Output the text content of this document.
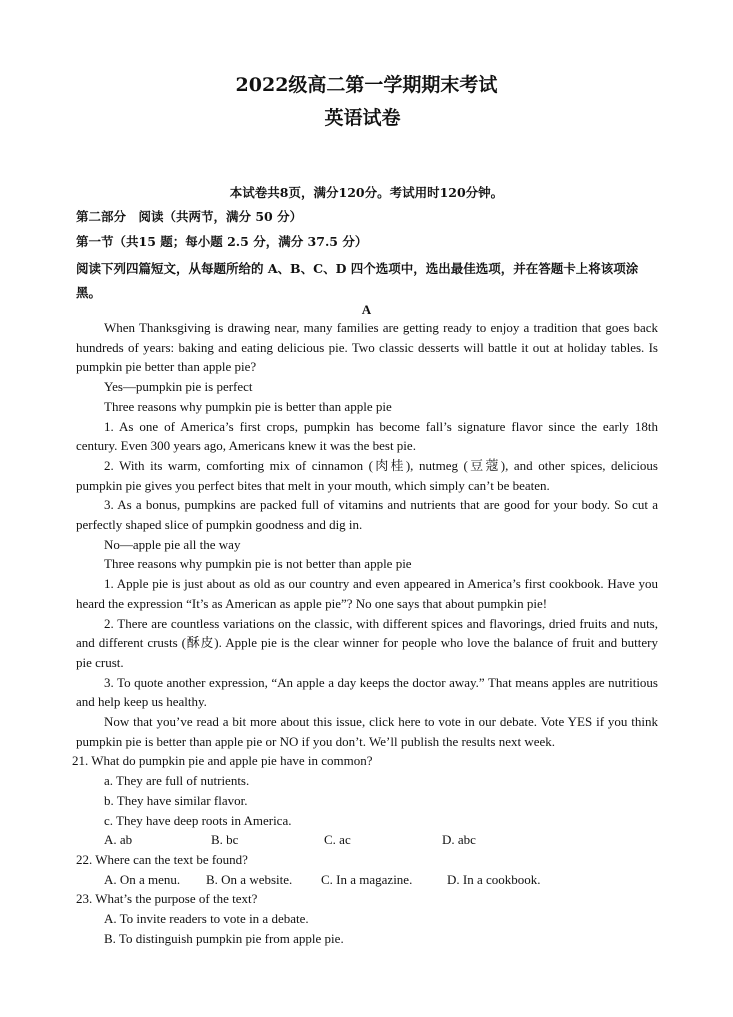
2022级高二第一学期期末考试
英语试卷
本试卷共8页，满分120分。考试用时120分钟。
第二部分　阅读（共两节，满分 50 分）
第一节（共15 题；每小题 2.5 分，满分 37.5 分）
阅读下列四篇短文，从每题所给的 A、B、C、D 四个选项中，选出最佳选项，并在答题卡上将该项涂黑。
A

When Thanksgiving is drawing near, many families are getting ready to enjoy a tradition that goes back hundreds of years: baking and eating delicious pie. Two classic desserts will battle it out at holiday tables. Is pumpkin pie better than apple pie?

Yes—pumpkin pie is perfect

Three reasons why pumpkin pie is better than apple pie

1. As one of America’s first crops, pumpkin has become fall’s signature flavor since the early 18th century. Even 300 years ago, Americans knew it was the best pie.

2. With its warm, comforting mix of cinnamon (肉桂), nutmeg (豆蔻), and other spices, delicious pumpkin pie gives you perfect bites that melt in your mouth, which simply can’t be beaten.

3. As a bonus, pumpkins are packed full of vitamins and nutrients that are good for your body. So cut a perfectly shaped slice of pumpkin goodness and dig in.

No—apple pie all the way

Three reasons why pumpkin pie is not better than apple pie

1. Apple pie is just about as old as our country and even appeared in America’s first cookbook. Have you heard the expression “It’s as American as apple pie”? No one says that about pumpkin pie!

2. There are countless variations on the classic, with different spices and flavorings, dried fruits and nuts, and different crusts (酥皮). Apple pie is the clear winner for people who love the balance of fruit and buttery pie crust.

3. To quote another expression, “An apple a day keeps the doctor away.” That means apples are nutritious and help keep us healthy.

Now that you’ve read a bit more about this issue, click here to vote in our debate. Vote YES if you think pumpkin pie is better than apple pie or NO if you don’t. We’ll publish the results next week.

21. What do pumpkin pie and apple pie have in common?

a. They are full of nutrients.

b. They have similar flavor.

c. They have deep roots in America.

A. ab	B. bc	C. ac	D. abc

22. Where can the text be found?

A. On a menu.	B. On a website.	C. In a magazine.	D. In a cookbook.

23. What’s the purpose of the text?

A. To invite readers to vote in a debate.

B. To distinguish pumpkin pie from apple pie.
